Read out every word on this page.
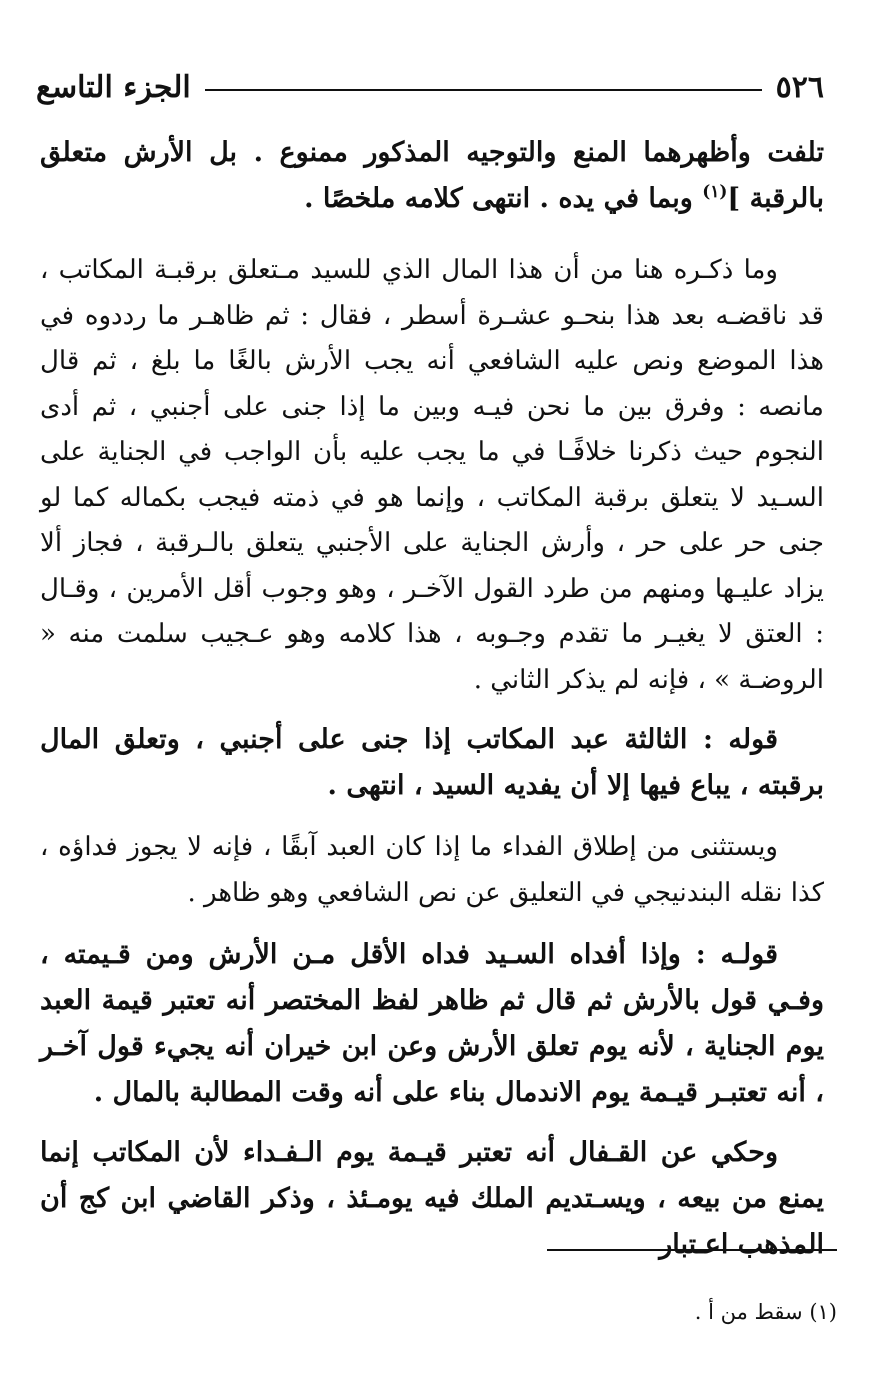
٥٢٦
الجزء التاسع

تلفت وأظهرهما المنع والتوجيه المذكور ممنوع . بل الأرش متعلق بالرقبة ]$^{(١)}$ وبما في يده . انتهى كلامه ملخصًا .

وما ذكـره هنا من أن هذا المال الذي للسيد مـتعلق برقبـة المكاتب ، قد ناقضـه بعد هذا بنحـو عشـرة أسطر ، فقال : ثم ظاهـر ما رددوه في هذا الموضع ونص عليه الشافعي أنه يجب الأرش بالغًا ما بلغ ، ثم قال مانصه : وفرق بين ما نحن فيـه وبين ما إذا جنى على أجنبي ، ثم أدى النجوم حيث ذكرنا خلافًـا في ما يجب عليه بأن الواجب في الجناية على السـيد لا يتعلق برقبة المكاتب ، وإنما هو في ذمته فيجب بكماله كما لو جنى حر على حر ، وأرش الجناية على الأجنبي يتعلق بالـرقبة ، فجاز ألا يزاد عليـها ومنهم من طرد القول الآخـر ، وهو وجوب أقل الأمرين ، وقـال : العتق لا يغيـر ما تقدم وجـوبه ، هذا كلامه وهو عـجيب سلمت منه « الروضـة » ، فإنه لم يذكر الثاني .

قوله : الثالثة عبد المكاتب إذا جنى على أجنبي ، وتعلق المال برقبته ، يباع فيها إلا أن يفديه السيد ، انتهى .

ويستثنى من إطلاق الفداء ما إذا كان العبد آبقًا ، فإنه لا يجوز فداؤه ، كذا نقله البندنيجي في التعليق عن نص الشافعي وهو ظاهر .

قولـه : وإذا أفداه السـيد فداه الأقل مـن الأرش ومن قـيمته ، وفـي قول بالأرش ثم قال ثم ظاهر لفظ المختصر أنه تعتبر قيمة العبد يوم الجناية ، لأنه يوم تعلق الأرش وعن ابن خيران أنه يجيء قول آخـر ، أنه تعتبـر قيـمة يوم الاندمال بناء على أنه وقت المطالبة بالمال .

وحكي عن القـفال أنه تعتبر قيـمة يوم الـفـداء لأن المكاتب إنما يمنع من بيعه ، ويسـتديم الملك فيه يومـئذ ، وذكر القاضي ابن كج أن المذهب اعـتبار

(١) سقط من أ .
